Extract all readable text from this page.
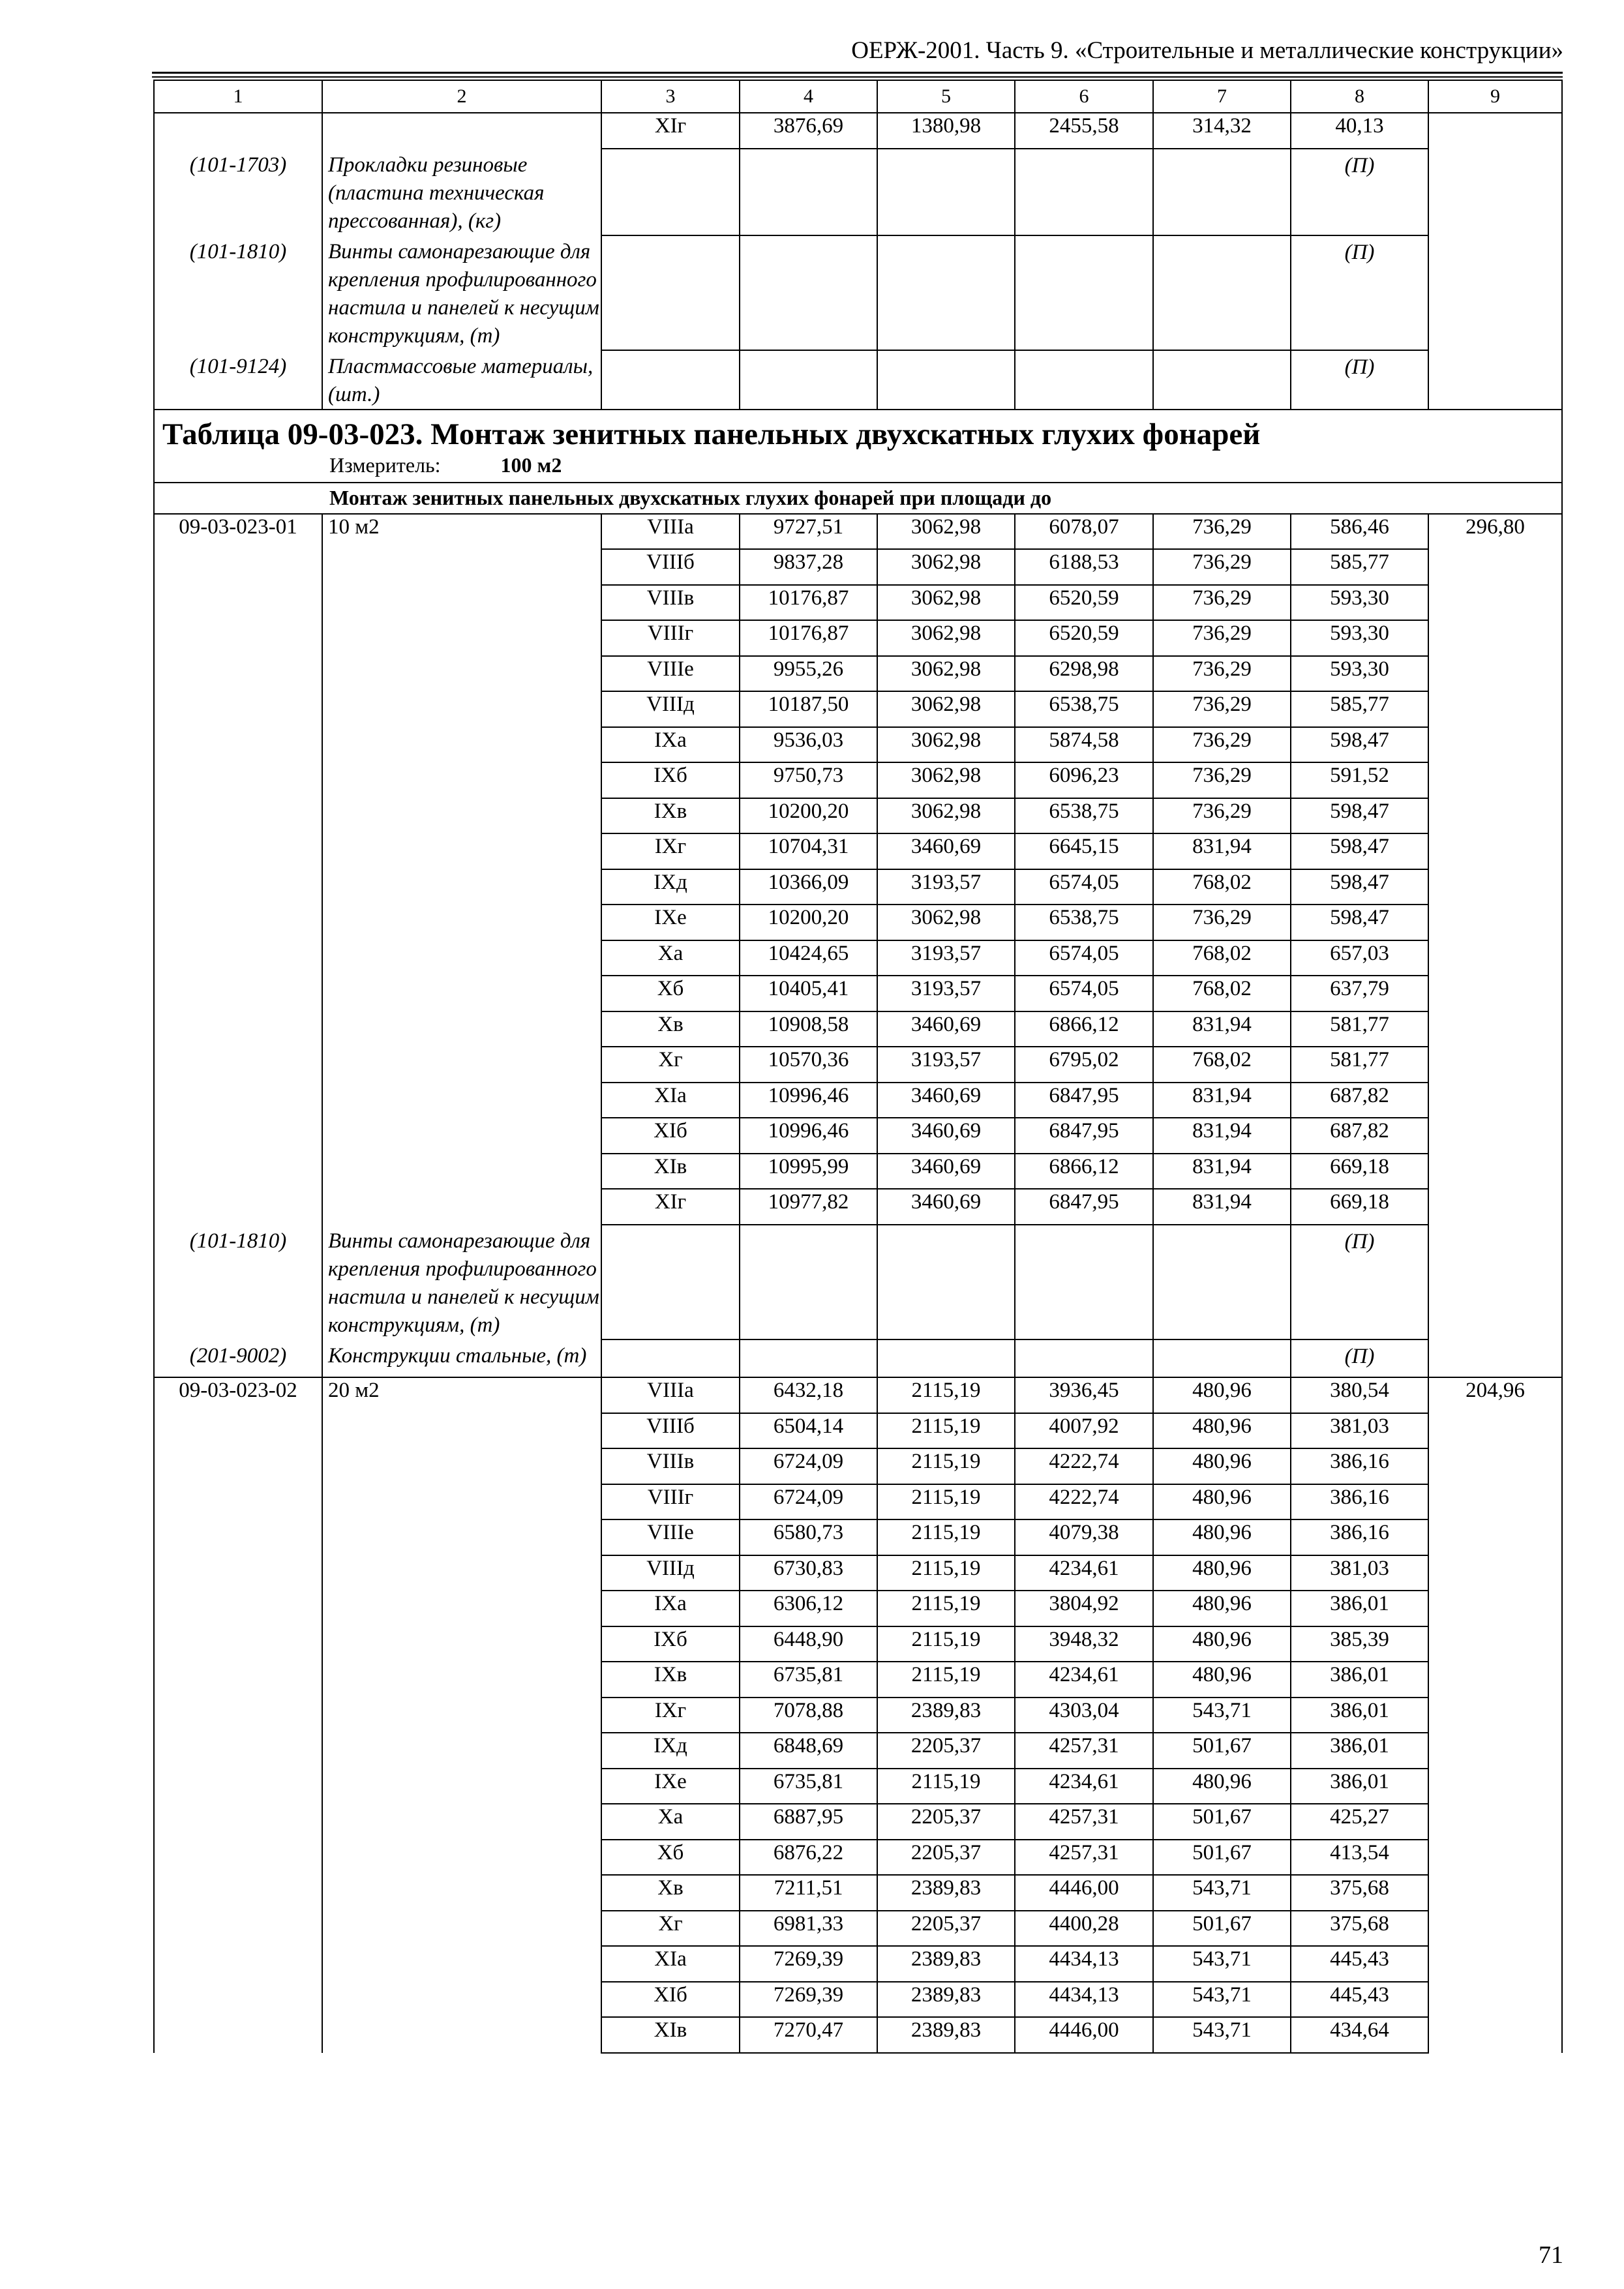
ОЕРЖ-2001. Часть 9. «Строительные и металлические конструкции»
1	2	3	4	5	6	7	8	9
		XIг	3876,69	1380,98	2455,58	314,32	40,13	
(101-1703)	Прокладки резиновые (пластина техническая прессованная), (кг)						(П)	
(101-1810)	Винты самонарезающие для крепления профилированного настила и панелей к несущим конструкциям, (т)						(П)	
(101-9124)	Пластмассовые материалы, (шт.)						(П)	
Таблица 09-03-023. Монтаж зенитных панельных двухскатных глухих фонарей								
Измеритель: 100 м2								
Монтаж зенитных панельных двухскатных глухих фонарей при площади до								
09-03-023-01	10 м2	VIIIа	9727,51	3062,98	6078,07	736,29	586,46	296,80
		VIIIб	9837,28	3062,98	6188,53	736,29	585,77	
		VIIIв	10176,87	3062,98	6520,59	736,29	593,30	
		VIIIг	10176,87	3062,98	6520,59	736,29	593,30	
		VIIIе	9955,26	3062,98	6298,98	736,29	593,30	
		VIIIд	10187,50	3062,98	6538,75	736,29	585,77	
		IXа	9536,03	3062,98	5874,58	736,29	598,47	
		IXб	9750,73	3062,98	6096,23	736,29	591,52	
		IXв	10200,20	3062,98	6538,75	736,29	598,47	
		IXг	10704,31	3460,69	6645,15	831,94	598,47	
		IXд	10366,09	3193,57	6574,05	768,02	598,47	
		IXе	10200,20	3062,98	6538,75	736,29	598,47	
		Xа	10424,65	3193,57	6574,05	768,02	657,03	
		Xб	10405,41	3193,57	6574,05	768,02	637,79	
		Xв	10908,58	3460,69	6866,12	831,94	581,77	
		Xг	10570,36	3193,57	6795,02	768,02	581,77	
		XIа	10996,46	3460,69	6847,95	831,94	687,82	
		XIб	10996,46	3460,69	6847,95	831,94	687,82	
		XIв	10995,99	3460,69	6866,12	831,94	669,18	
		XIг	10977,82	3460,69	6847,95	831,94	669,18	
(101-1810)	Винты самонарезающие для крепления профилированного настила и панелей к несущим конструкциям, (т)						(П)	
(201-9002)	Конструкции стальные, (т)						(П)	
09-03-023-02	20 м2	VIIIа	6432,18	2115,19	3936,45	480,96	380,54	204,96
		VIIIб	6504,14	2115,19	4007,92	480,96	381,03	
		VIIIв	6724,09	2115,19	4222,74	480,96	386,16	
		VIIIг	6724,09	2115,19	4222,74	480,96	386,16	
		VIIIе	6580,73	2115,19	4079,38	480,96	386,16	
		VIIIд	6730,83	2115,19	4234,61	480,96	381,03	
		IXа	6306,12	2115,19	3804,92	480,96	386,01	
		IXб	6448,90	2115,19	3948,32	480,96	385,39	
		IXв	6735,81	2115,19	4234,61	480,96	386,01	
		IXг	7078,88	2389,83	4303,04	543,71	386,01	
		IXд	6848,69	2205,37	4257,31	501,67	386,01	
		IXе	6735,81	2115,19	4234,61	480,96	386,01	
		Xа	6887,95	2205,37	4257,31	501,67	425,27	
		Xб	6876,22	2205,37	4257,31	501,67	413,54	
		Xв	7211,51	2389,83	4446,00	543,71	375,68	
		Xг	6981,33	2205,37	4400,28	501,67	375,68	
		XIа	7269,39	2389,83	4434,13	543,71	445,43	
		XIб	7269,39	2389,83	4434,13	543,71	445,43	
		XIв	7270,47	2389,83	4446,00	543,71	434,64	
71
